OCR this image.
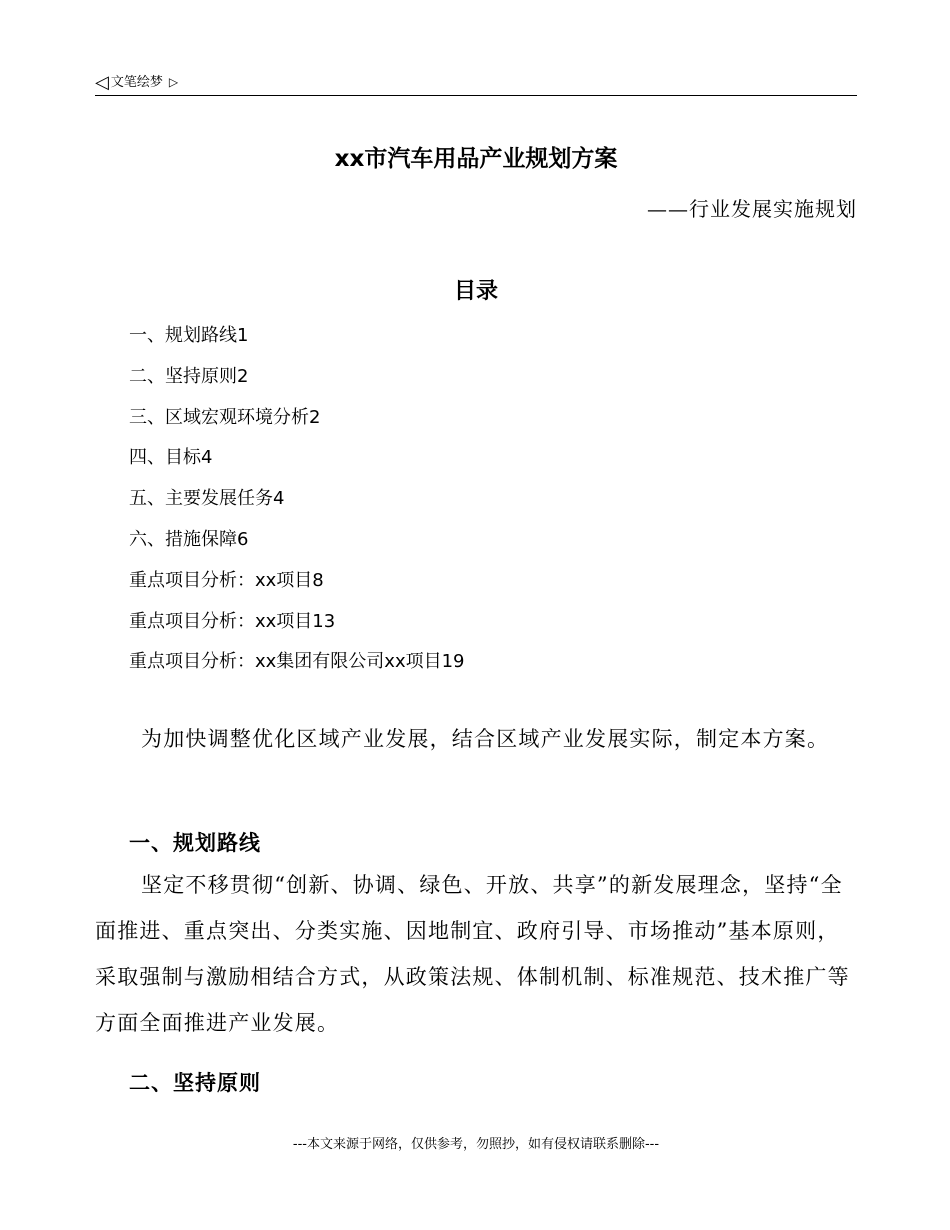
◁ 文笔绘梦 ▷
xx市汽车用品产业规划方案
——行业发展实施规划
目录
一、规划路线1
二、坚持原则2
三、区域宏观环境分析2
四、目标4
五、主要发展任务4
六、措施保障6
重点项目分析：xx项目8
重点项目分析：xx项目13
重点项目分析：xx集团有限公司xx项目19

为加快调整优化区域产业发展，结合区域产业发展实际，制定本方案。

一、规划路线

坚定不移贯彻“创新、协调、绿色、开放、共享”的新发展理念，坚持“全面推进、重点突出、分类实施、因地制宜、政府引导、市场推动”基本原则，采取强制与激励相结合方式，从政策法规、体制机制、标准规范、技术推广等方面全面推进产业发展。

二、坚持原则
---本文来源于网络，仅供参考，勿照抄，如有侵权请联系删除---
